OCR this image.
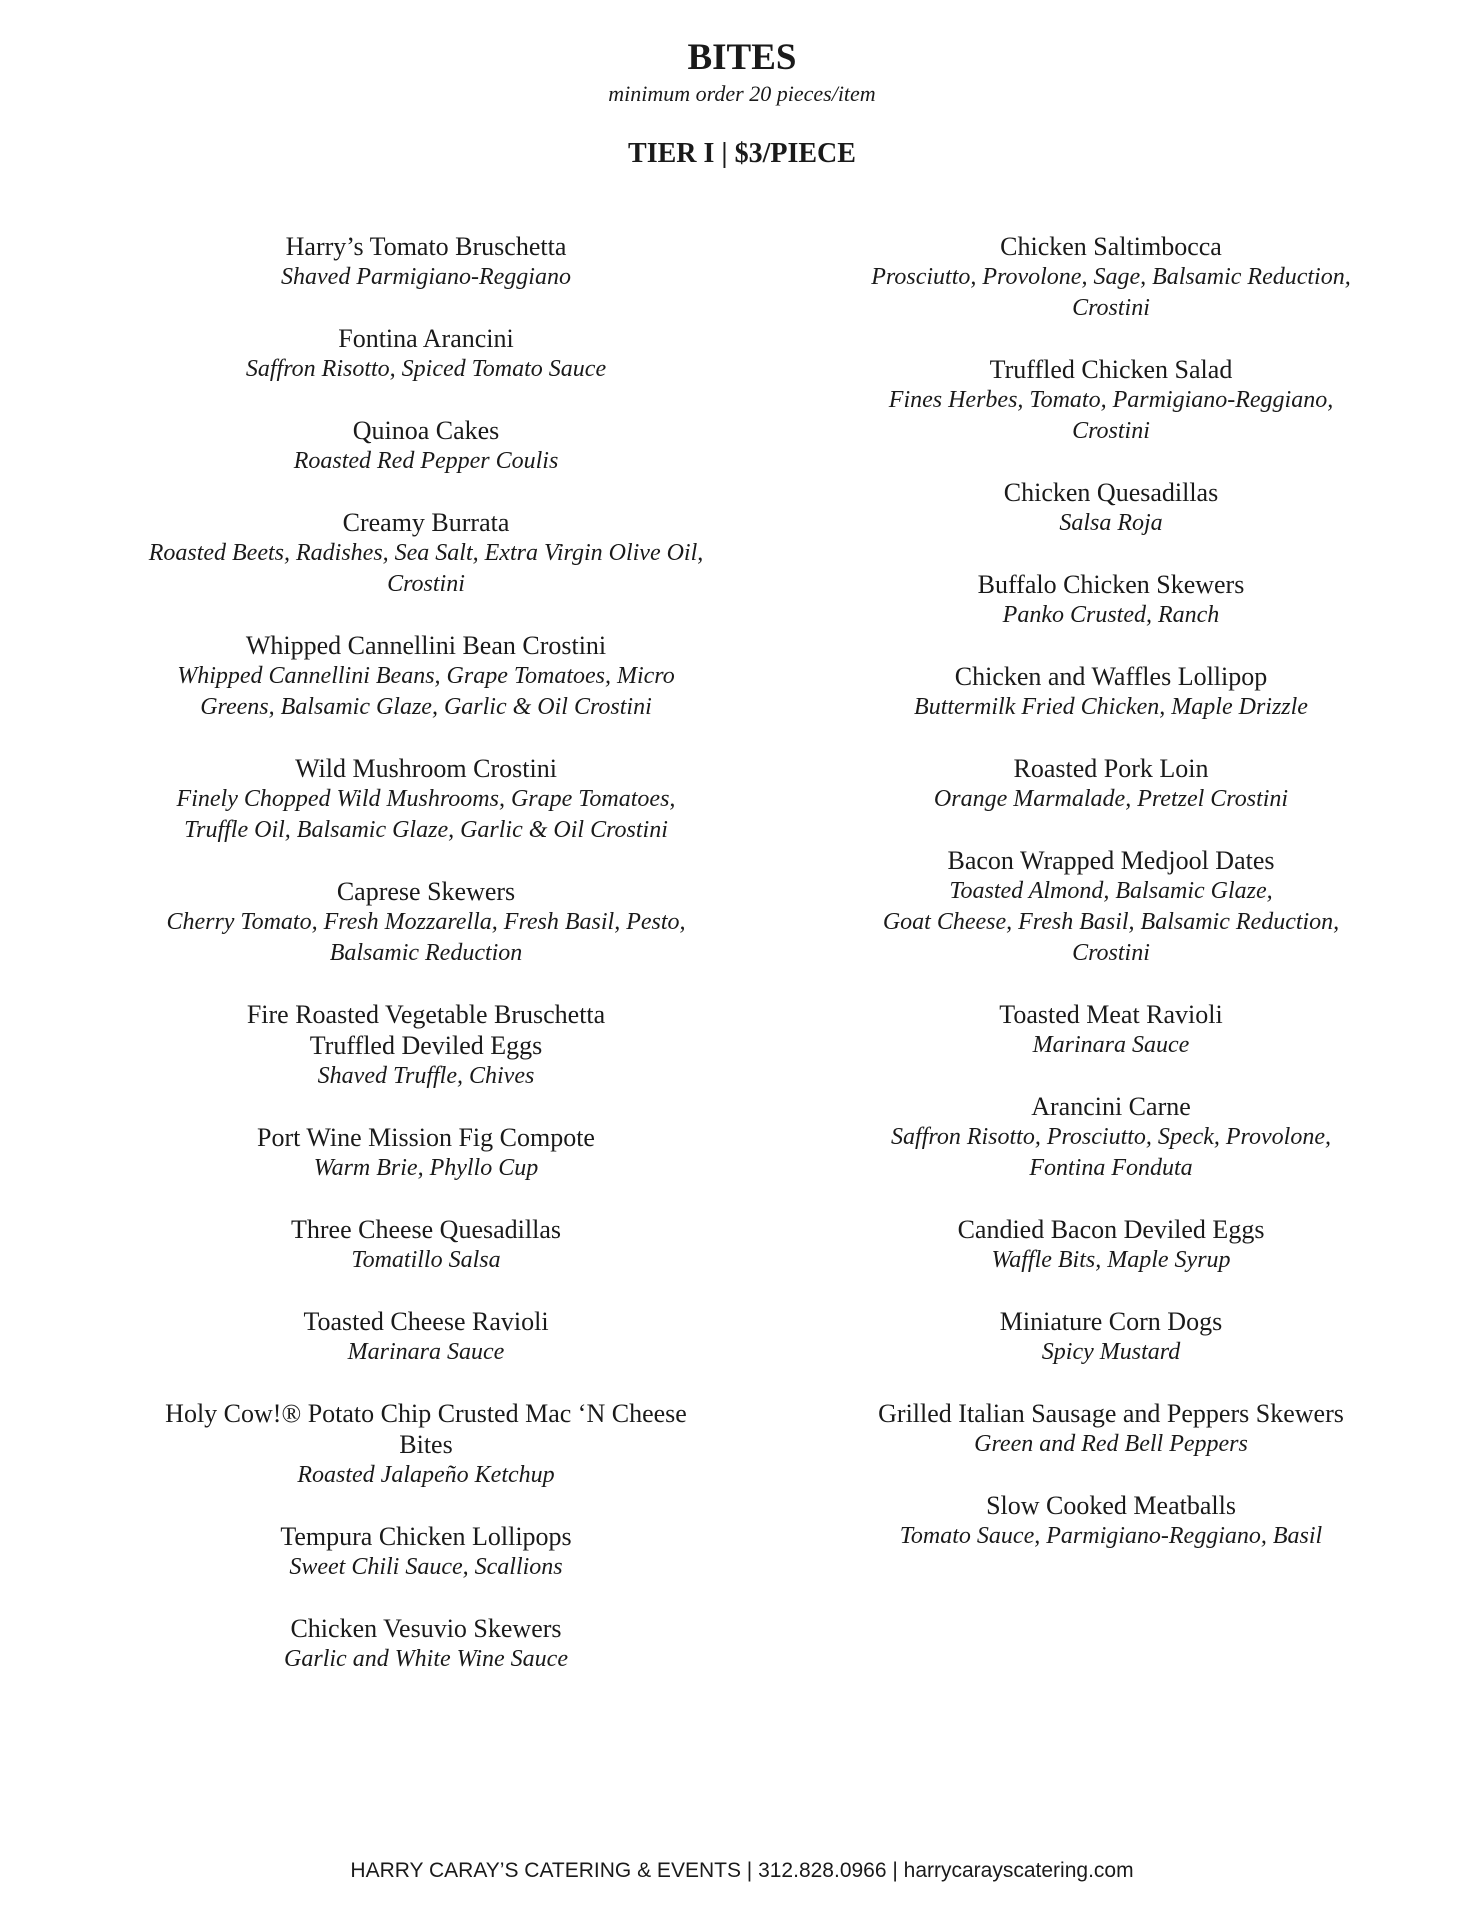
BITES
minimum order 20 pieces/item
TIER I | $3/PIECE
Harry’s Tomato Bruschetta
Shaved Parmigiano-Reggiano
Fontina Arancini
Saffron Risotto, Spiced Tomato Sauce
Quinoa Cakes
Roasted Red Pepper Coulis
Creamy Burrata
Roasted Beets, Radishes, Sea Salt, Extra Virgin Olive Oil,
Crostini
Whipped Cannellini Bean Crostini
Whipped Cannellini Beans, Grape Tomatoes, Micro
Greens, Balsamic Glaze, Garlic & Oil Crostini
Wild Mushroom Crostini
Finely Chopped Wild Mushrooms, Grape Tomatoes,
Truffle Oil, Balsamic Glaze, Garlic & Oil Crostini
Caprese Skewers
Cherry Tomato, Fresh Mozzarella, Fresh Basil, Pesto,
Balsamic Reduction
Fire Roasted Vegetable Bruschetta
Truffled Deviled Eggs
Shaved Truffle, Chives
Port Wine Mission Fig Compote
Warm Brie, Phyllo Cup
Three Cheese Quesadillas
Tomatillo Salsa
Toasted Cheese Ravioli
Marinara Sauce
Holy Cow!® Potato Chip Crusted Mac ‘N Cheese
Bites
Roasted Jalapeño Ketchup
Tempura Chicken Lollipops
Sweet Chili Sauce, Scallions
Chicken Vesuvio Skewers
Garlic and White Wine Sauce
Chicken Saltimbocca
Prosciutto, Provolone, Sage, Balsamic Reduction,
Crostini
Truffled Chicken Salad
Fines Herbes, Tomato, Parmigiano-Reggiano,
Crostini
Chicken Quesadillas
Salsa Roja
Buffalo Chicken Skewers
Panko Crusted, Ranch
Chicken and Waffles Lollipop
Buttermilk Fried Chicken, Maple Drizzle
Roasted Pork Loin
Orange Marmalade, Pretzel Crostini
Bacon Wrapped Medjool Dates
Toasted Almond, Balsamic Glaze,
Goat Cheese, Fresh Basil, Balsamic Reduction,
Crostini
Toasted Meat Ravioli
Marinara Sauce
Arancini Carne
Saffron Risotto, Prosciutto, Speck, Provolone,
Fontina Fonduta
Candied Bacon Deviled Eggs
Waffle Bits, Maple Syrup
Miniature Corn Dogs
Spicy Mustard
Grilled Italian Sausage and Peppers Skewers
Green and Red Bell Peppers
Slow Cooked Meatballs
Tomato Sauce, Parmigiano-Reggiano, Basil
HARRY CARAY’S CATERING & EVENTS | 312.828.0966 | harrycarayscatering.com
